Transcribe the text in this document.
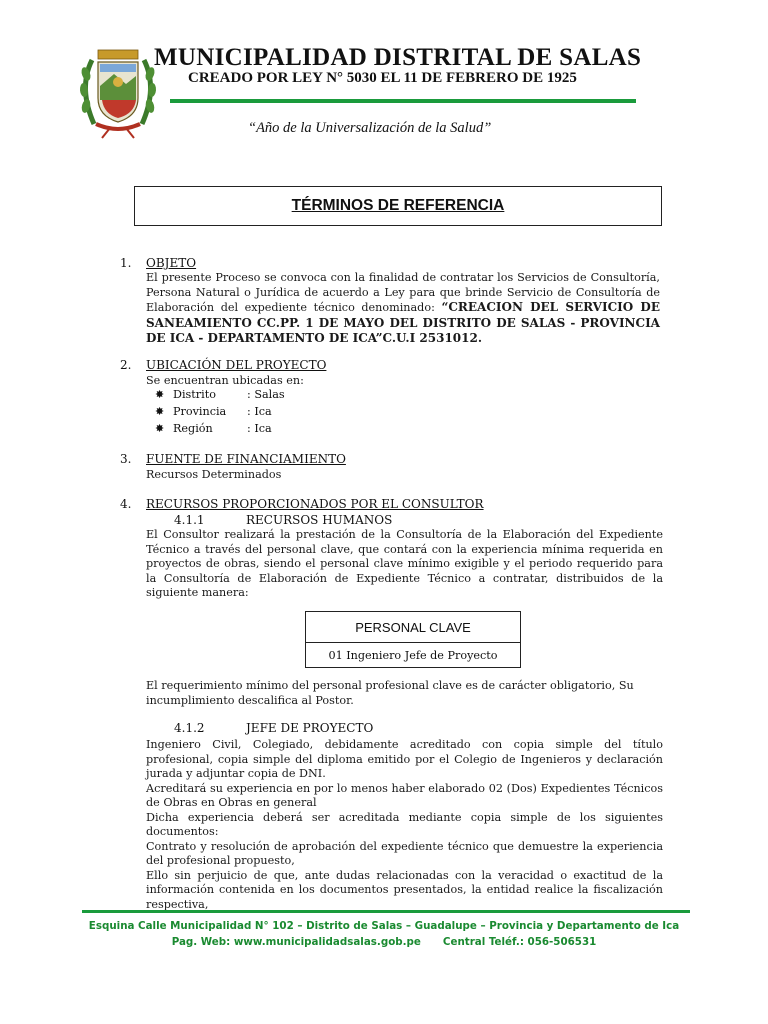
MUNICIPALIDAD DISTRITAL DE SALAS
CREADO POR LEY N° 5030 EL 11 DE FEBRERO DE 1925
“Año de la Universalización de la Salud”
TÉRMINOS DE REFERENCIA
1. OBJETO
El presente Proceso se convoca con la finalidad de contratar los Servicios de Consultoría, Persona Natural o Jurídica de acuerdo a Ley para que brinde Servicio de Consultoría de Elaboración del expediente técnico denominado: “CREACION DEL SERVICIO DE SANEAMIENTO CC.PP. 1 DE MAYO DEL DISTRITO DE SALAS - PROVINCIA DE ICA - DEPARTAMENTO DE ICA”C.U.I 2531012.
2. UBICACIÓN DEL PROYECTO
Se encuentran ubicadas en:
✸ Distrito	: Salas
✸ Provincia : Ica
✸ Región	: Ica
3. FUENTE DE FINANCIAMIENTO
Recursos Determinados
4. RECURSOS PROPORCIONADOS POR EL CONSULTOR
4.1.1	RECURSOS HUMANOS
El Consultor realizará la prestación de la Consultoría de la Elaboración del Expediente Técnico a través del personal clave, que contará con la experiencia mínima requerida en proyectos de obras, siendo el personal clave mínimo exigible y el periodo requerido para la Consultoría de Elaboración de Expediente Técnico a contratar, distribuidos de la siguiente manera:
PERSONAL CLAVE
01 Ingeniero Jefe de Proyecto
El requerimiento mínimo del personal profesional clave es de carácter obligatorio, Su incumplimiento descalifica al Postor.
4.1.2	JEFE DE PROYECTO
Ingeniero Civil, Colegiado, debidamente acreditado con copia simple del título profesional, copia simple del diploma emitido por el Colegio de Ingenieros y declaración jurada y adjuntar copia de DNI.
Acreditará su experiencia en por lo menos haber elaborado 02 (Dos) Expedientes Técnicos de Obras en Obras en general
Dicha experiencia deberá ser acreditada mediante copia simple de los siguientes documentos:
Contrato y resolución de aprobación del expediente técnico que demuestre la experiencia del profesional propuesto,
Ello sin perjuicio de que, ante dudas relacionadas con la veracidad o exactitud de la información contenida en los documentos presentados, la entidad realice la fiscalización respectiva,
Esquina Calle Municipalidad N° 102 – Distrito de Salas – Guadalupe – Provincia y Departamento de Ica
Pag. Web: www.municipalidadsalas.gob.pe Central Teléf.: 056-506531
